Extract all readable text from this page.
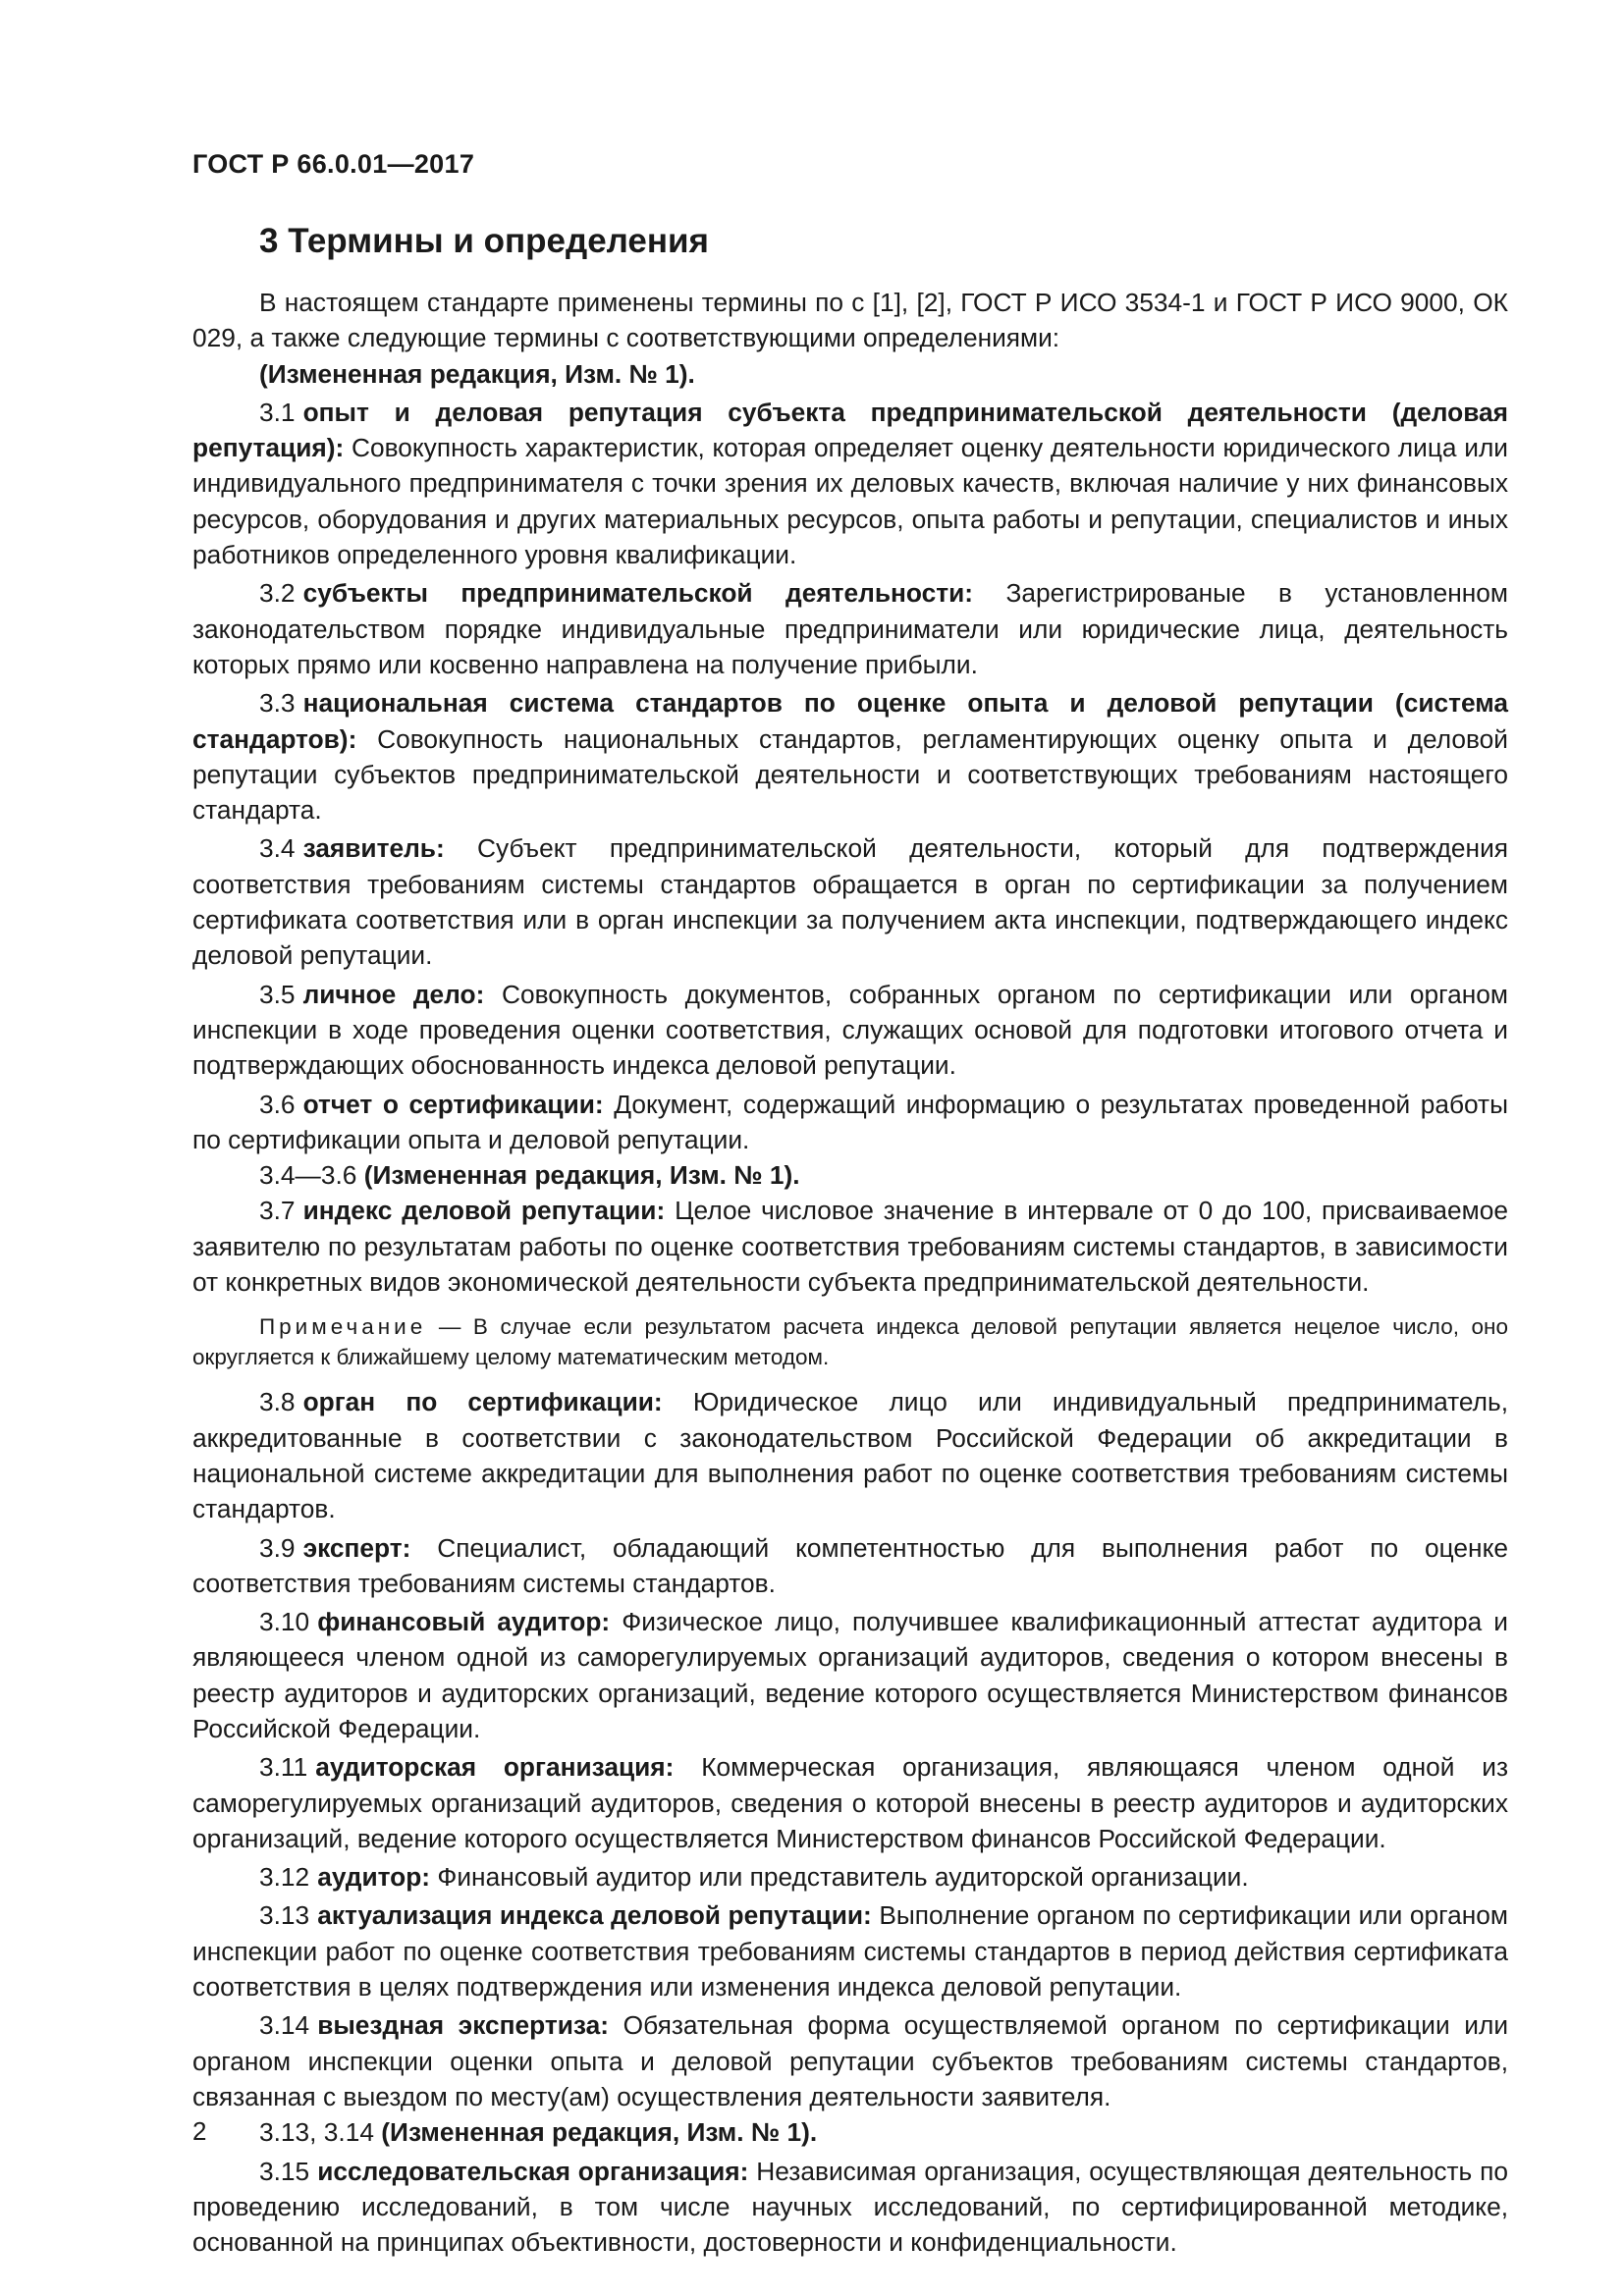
ГОСТ Р 66.0.01—2017
3 Термины и определения

В настоящем стандарте применены термины по с [1], [2], ГОСТ Р ИСО 3534-1 и ГОСТ Р ИСО 9000, ОК 029, а также следующие термины с соответствующими определениями:

(Измененная редакция, Изм. № 1).

3.1 опыт и деловая репутация субъекта предпринимательской деятельности (деловая репутация): Совокупность характеристик, которая определяет оценку деятельности юридического лица или индивидуального предпринимателя с точки зрения их деловых качеств, включая наличие у них финансовых ресурсов, оборудования и других материальных ресурсов, опыта работы и репутации, специалистов и иных работников определенного уровня квалификации.

3.2 субъекты предпринимательской деятельности: Зарегистрированые в установленном законодательством порядке индивидуальные предприниматели или юридические лица, деятельность которых прямо или косвенно направлена на получение прибыли.

3.3 национальная система стандартов по оценке опыта и деловой репутации (система стандартов): Совокупность национальных стандартов, регламентирующих оценку опыта и деловой репутации субъектов предпринимательской деятельности и соответствующих требованиям настоящего стандарта.

3.4 заявитель: Субъект предпринимательской деятельности, который для подтверждения соответствия требованиям системы стандартов обращается в орган по сертификации за получением сертификата соответствия или в орган инспекции за получением акта инспекции, подтверждающего индекс деловой репутации.

3.5 личное дело: Совокупность документов, собранных органом по сертификации или органом инспекции в ходе проведения оценки соответствия, служащих основой для подготовки итогового отчета и подтверждающих обоснованность индекса деловой репутации.

3.6 отчет о сертификации: Документ, содержащий информацию о результатах проведенной работы по сертификации опыта и деловой репутации.

3.4—3.6 (Измененная редакция, Изм. № 1).

3.7 индекс деловой репутации: Целое числовое значение в интервале от 0 до 100, присваиваемое заявителю по результатам работы по оценке соответствия требованиям системы стандартов, в зависимости от конкретных видов экономической деятельности субъекта предпринимательской деятельности.

Примечание — В случае если результатом расчета индекса деловой репутации является нецелое число, оно округляется к ближайшему целому математическим методом.

3.8 орган по сертификации: Юридическое лицо или индивидуальный предприниматель, аккредитованные в соответствии с законодательством Российской Федерации об аккредитации в национальной системе аккредитации для выполнения работ по оценке соответствия требованиям системы стандартов.

3.9 эксперт: Специалист, обладающий компетентностью для выполнения работ по оценке соответствия требованиям системы стандартов.

3.10 финансовый аудитор: Физическое лицо, получившее квалификационный аттестат аудитора и являющееся членом одной из саморегулируемых организаций аудиторов, сведения о котором внесены в реестр аудиторов и аудиторских организаций, ведение которого осуществляется Министерством финансов Российской Федерации.

3.11 аудиторская организация: Коммерческая организация, являющаяся членом одной из саморегулируемых организаций аудиторов, сведения о которой внесены в реестр аудиторов и аудиторских организаций, ведение которого осуществляется Министерством финансов Российской Федерации.

3.12 аудитор: Финансовый аудитор или представитель аудиторской организации.

3.13 актуализация индекса деловой репутации: Выполнение органом по сертификации или органом инспекции работ по оценке соответствия требованиям системы стандартов в период действия сертификата соответствия в целях подтверждения или изменения индекса деловой репутации.

3.14 выездная экспертиза: Обязательная форма осуществляемой органом по сертификации или органом инспекции оценки опыта и деловой репутации субъектов требованиям системы стандартов, связанная с выездом по месту(ам) осуществления деятельности заявителя.

3.13, 3.14 (Измененная редакция, Изм. № 1).

3.15 исследовательская организация: Независимая организация, осуществляющая деятельность по проведению исследований, в том числе научных исследований, по сертифицированной методике, основанной на принципах объективности, достоверности и конфиденциальности.

2
